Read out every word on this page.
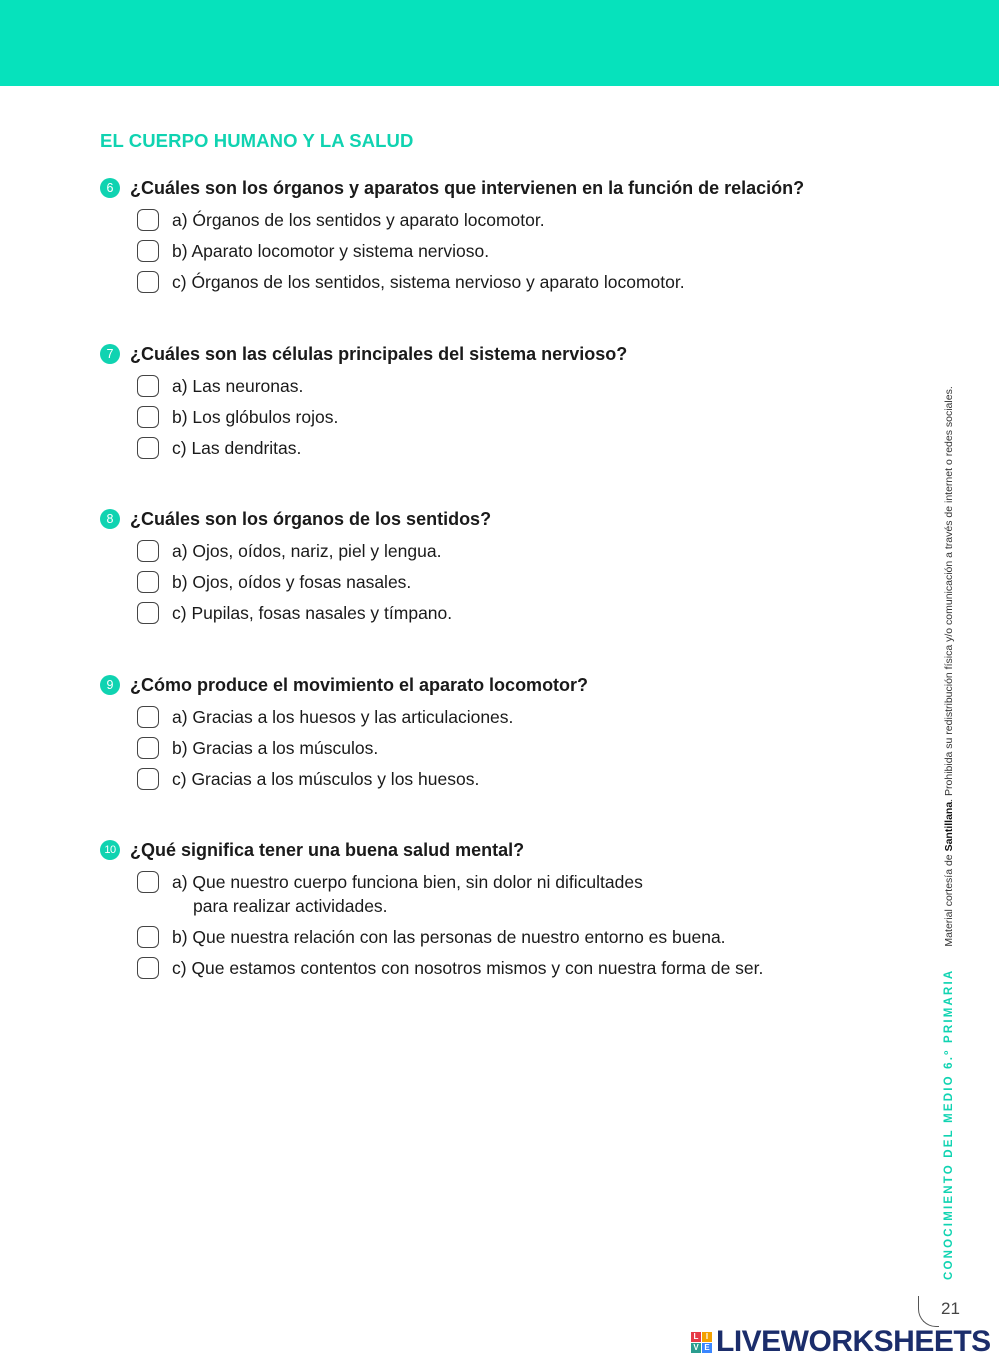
EL CUERPO HUMANO Y LA SALUD
6 ¿Cuáles son los órganos y aparatos que intervienen en la función de relación?
a) Órganos de los sentidos y aparato locomotor.
b) Aparato locomotor y sistema nervioso.
c) Órganos de los sentidos, sistema nervioso y aparato locomotor.
7 ¿Cuáles son las células principales del sistema nervioso?
a) Las neuronas.
b) Los glóbulos rojos.
c) Las dendritas.
8 ¿Cuáles son los órganos de los sentidos?
a) Ojos, oídos, nariz, piel y lengua.
b) Ojos, oídos y fosas nasales.
c) Pupilas, fosas nasales y tímpano.
9 ¿Cómo produce el movimiento el aparato locomotor?
a) Gracias a los huesos y las articulaciones.
b) Gracias a los músculos.
c) Gracias a los músculos y los huesos.
10 ¿Qué significa tener una buena salud mental?
a) Que nuestro cuerpo funciona bien, sin dolor ni dificultades
para realizar actividades.
b) Que nuestra relación con las personas de nuestro entorno es buena.
c) Que estamos contentos con nosotros mismos y con nuestra forma de ser.
CONOCIMIENTO DEL MEDIO 6.º PRIMARIA
Material cortesía de Santillana. Prohibida su redistribución física y/o comunicación a través de internet o redes sociales.
21
L I
V E LIVEWORKSHEETS
